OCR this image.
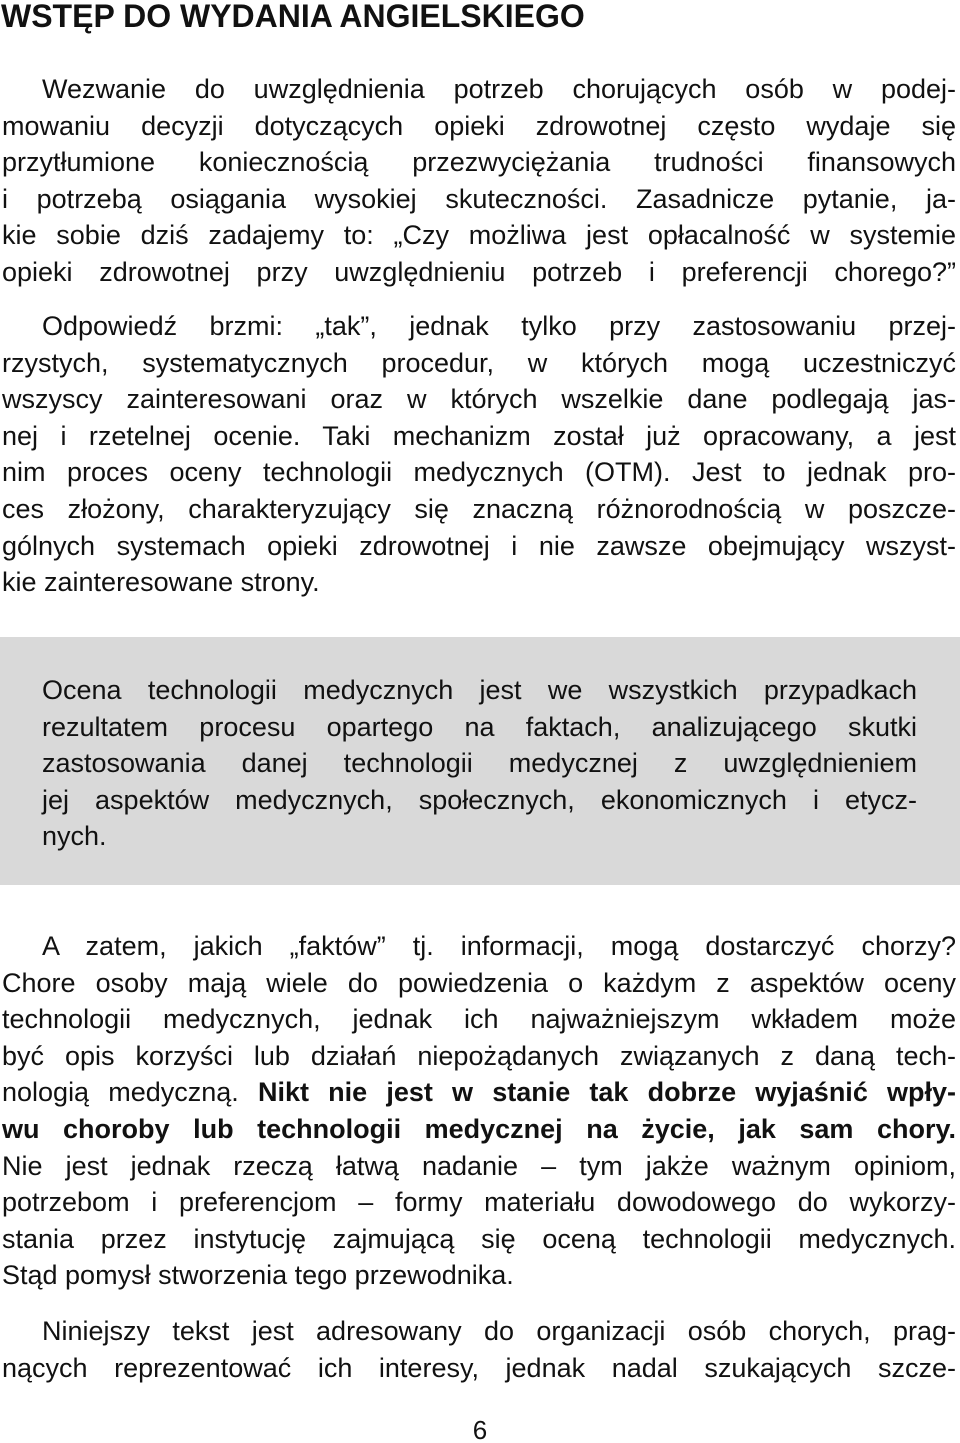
WSTĘP DO WYDANIA ANGIELSKIEGO
Wezwanie do uwzględnienia potrzeb chorujących osób w podej-
mowaniu decyzji dotyczących opieki zdrowotnej często wydaje się
przytłumione koniecznością przezwyciężania trudności finansowych
i potrzebą osiągania wysokiej skuteczności. Zasadnicze pytanie, ja-
kie sobie dziś zadajemy to: „Czy możliwa jest opłacalność w systemie
opieki zdrowotnej przy uwzględnieniu potrzeb i preferencji chorego?”
Odpowiedź brzmi: „tak”, jednak tylko przy zastosowaniu przej-
rzystych, systematycznych procedur, w których mogą uczestniczyć
wszyscy zainteresowani oraz w których wszelkie dane podlegają jas-
nej i rzetelnej ocenie. Taki mechanizm został już opracowany, a jest
nim proces oceny technologii medycznych (OTM). Jest to jednak pro-
ces złożony, charakteryzujący się znaczną różnorodnością w poszcze-
gólnych systemach opieki zdrowotnej i nie zawsze obejmujący wszyst-
kie zainteresowane strony.
Ocena technologii medycznych jest we wszystkich przypadkach
rezultatem procesu opartego na faktach, analizującego skutki
zastosowania danej technologii medycznej z uwzględnieniem
jej aspektów medycznych, społecznych, ekonomicznych i etycz-
nych.
A zatem, jakich „faktów” tj. informacji, mogą dostarczyć chorzy?
Chore osoby mają wiele do powiedzenia o każdym z aspektów oceny
technologii medycznych, jednak ich najważniejszym wkładem może
być opis korzyści lub działań niepożądanych związanych z daną tech-
nologią medyczną. Nikt nie jest w stanie tak dobrze wyjaśnić wpły-
wu choroby lub technologii medycznej na życie, jak sam chory.
Nie jest jednak rzeczą łatwą nadanie – tym jakże ważnym opiniom,
potrzebom i preferencjom – formy materiału dowodowego do wykorzy-
stania przez instytucję zajmującą się oceną technologii medycznych.
Stąd pomysł stworzenia tego przewodnika.
Niniejszy tekst jest adresowany do organizacji osób chorych, prag-
nących reprezentować ich interesy, jednak nadal szukających szcze-
6
